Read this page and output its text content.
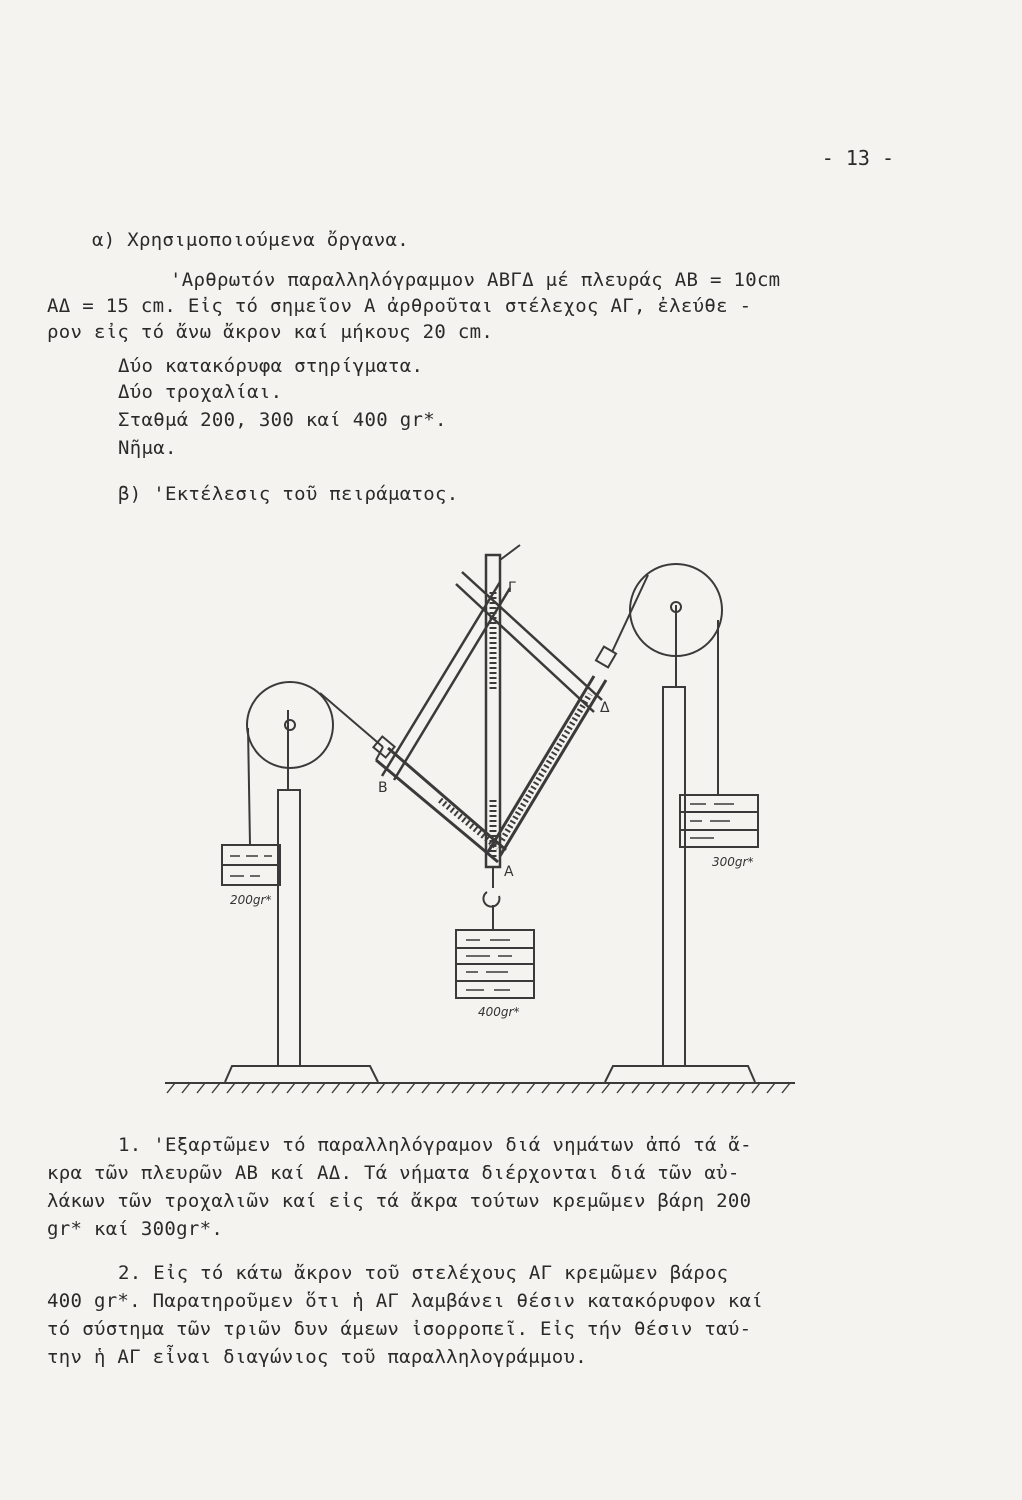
- 13 -
α) Χρησιμοποιούμενα ὄργανα.
'Αρθρωτόν παραλληλόγραμμον ΑΒΓΔ μέ πλευράς ΑΒ = 10cm
ΑΔ = 15 cm. Εἰς τό σημεῖον Α ἀρθροῦται στέλεχος ΑΓ, ἐλεύθε -
ρον εἰς τό ἄνω ἄκρον καί μήκους 20 cm.
Δύο κατακόρυφα στηρίγματα.
Δύο τροχαλίαι.
Σταθμά 200, 300 καί 400 gr*.
Νῆμα.
β) 'Εκτέλεσις τοῦ πειράματος.
Γ
Β
Δ
Α
200gr*
300gr*
400gr*
1. 'Εξαρτῶμεν τό παραλληλόγραμον διά νημάτων ἀπό τά ἄ-
κρα τῶν πλευρῶν ΑΒ καί ΑΔ. Τά νήματα διέρχονται διά τῶν αὐ-
λάκων τῶν τροχαλιῶν καί εἰς τά ἄκρα τούτων κρεμῶμεν βάρη 200
gr* καί 300gr*.
2. Εἰς τό κάτω ἄκρον τοῦ στελέχους ΑΓ κρεμῶμεν βάρος
400 gr*. Παρατηροῦμεν ὅτι ἡ ΑΓ λαμβάνει θέσιν κατακόρυφον καί
τό σύστημα τῶν τριῶν δυν άμεων ἰσορροπεῖ. Εἰς τήν θέσιν ταύ-
την ἡ ΑΓ εἶναι διαγώνιος τοῦ παραλληλογράμμου.
